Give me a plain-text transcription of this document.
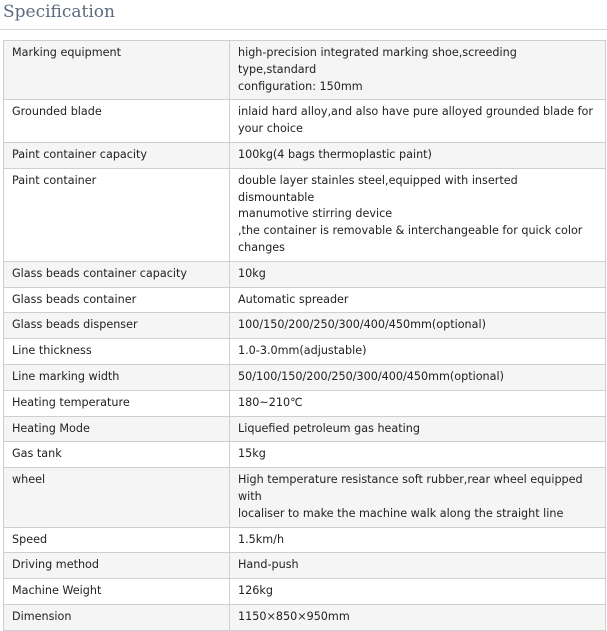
Specification
Marking equipment	high-precision integrated marking shoe,screeding type,standard
configuration: 150mm
Grounded blade	inlaid hard alloy,and also have pure alloyed grounded blade for
your choice
Paint container capacity	100kg(4 bags thermoplastic paint)
Paint container	double layer stainles steel,equipped with inserted dismountable
manumotive stirring device
,the container is removable & interchangeable for quick color
changes
Glass beads container capacity	10kg
Glass beads container	Automatic spreader
Glass beads dispenser	100/150/200/250/300/400/450mm(optional)
Line thickness	1.0-3.0mm(adjustable)
Line marking width	50/100/150/200/250/300/400/450mm(optional)
Heating temperature	180~210℃
Heating Mode	Liquefied petroleum gas heating
Gas tank	15kg
wheel	High temperature resistance soft rubber,rear wheel equipped with
localiser to make the machine walk along the straight line
Speed	1.5km/h
Driving method	Hand-push
Machine Weight	126kg
Dimension	1150×850×950mm
